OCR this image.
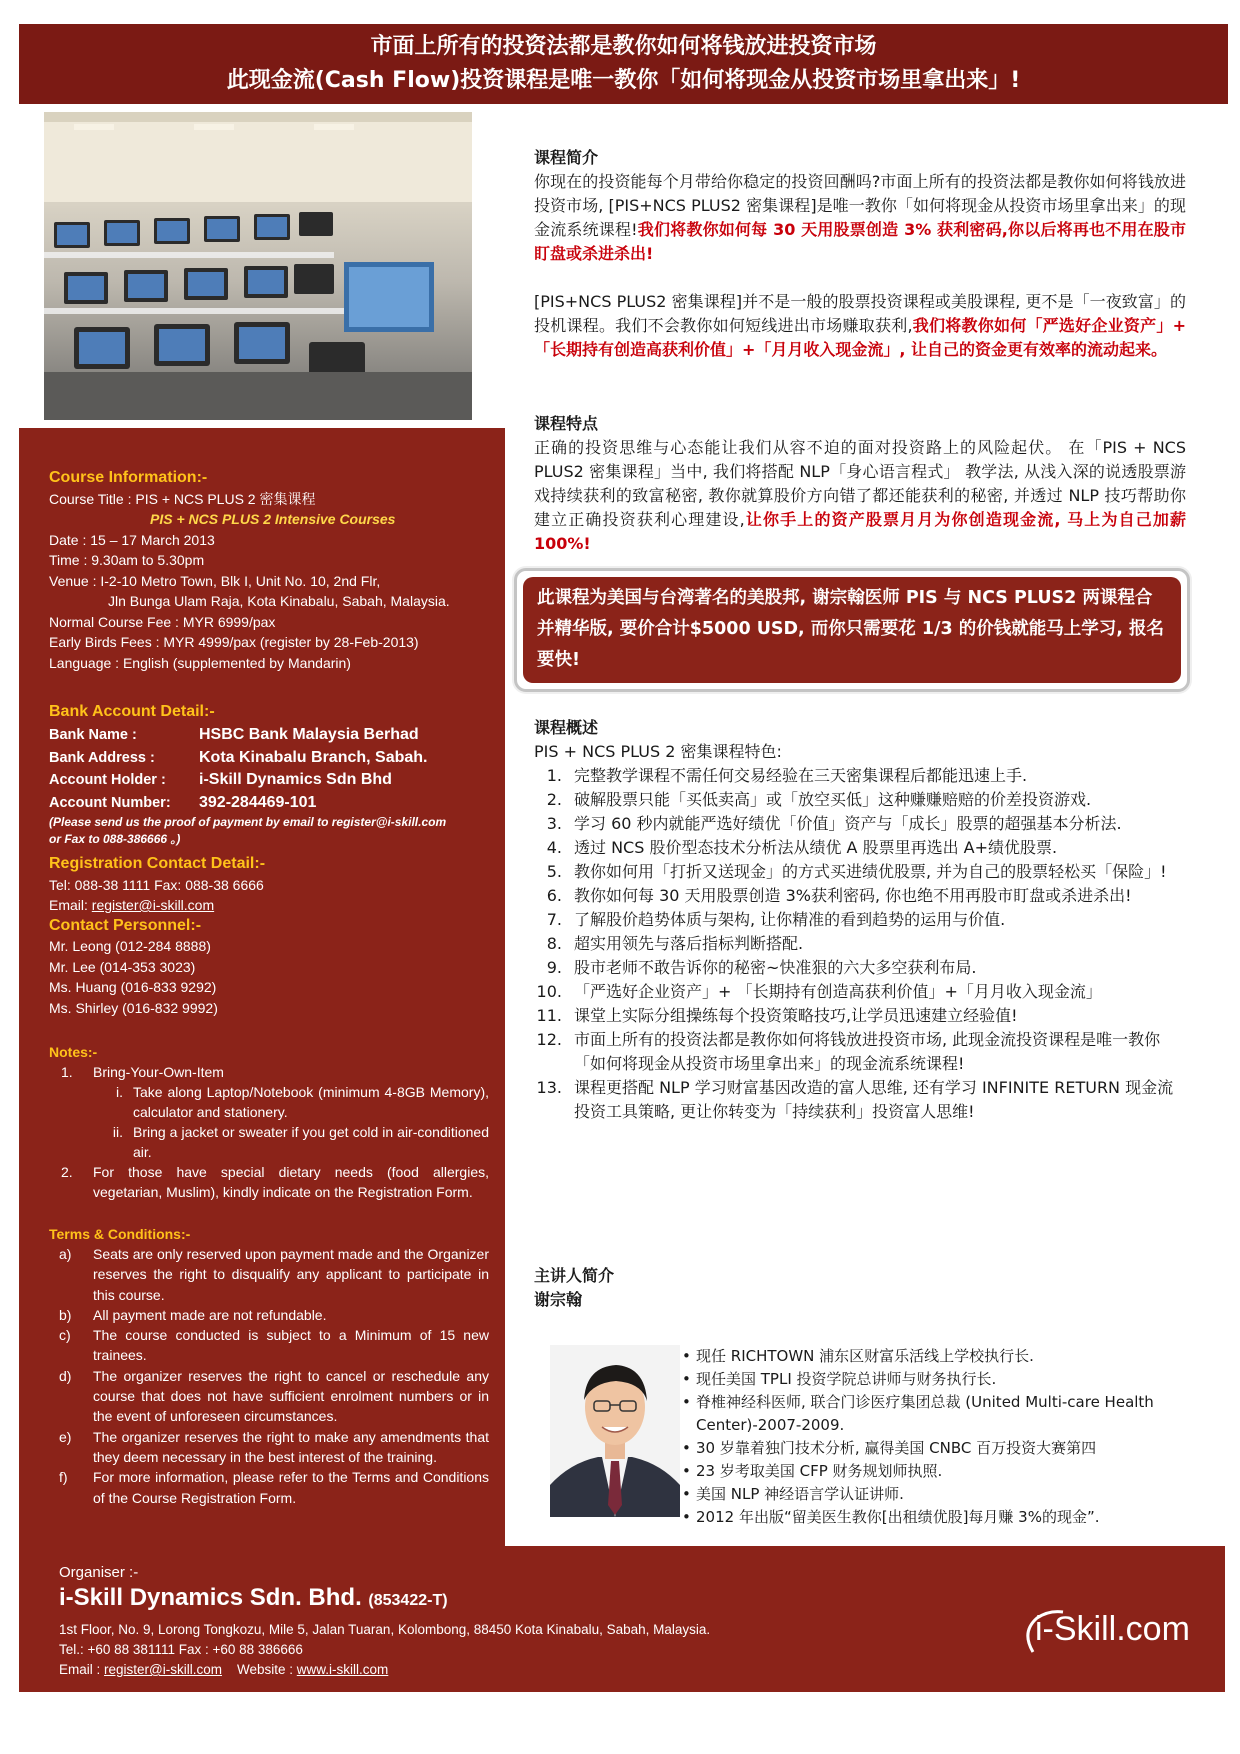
市面上所有的投资法都是教你如何将钱放进投资市场
此现金流(Cash Flow)投资课程是唯一教你「如何将现金从投资市场里拿出来」!
Course Information:-
Course Title : PIS + NCS PLUS 2 密集课程
PIS + NCS PLUS 2 Intensive Courses
Date : 15 – 17 March 2013
Time : 9.30am to 5.30pm
Venue : I-2-10 Metro Town, Blk I, Unit No. 10, 2nd Flr,
Jln Bunga Ulam Raja, Kota Kinabalu, Sabah, Malaysia.
Normal Course Fee : MYR 6999/pax
Early Birds Fees : MYR 4999/pax (register by 28-Feb-2013)
Language : English (supplemented by Mandarin)
Bank Account Detail:-
Bank Name :	HSBC Bank Malaysia Berhad
Bank Address :	Kota Kinabalu Branch, Sabah.
Account Holder :	i-Skill Dynamics Sdn Bhd
Account Number:	392-284469-101
(Please send us the proof of payment by email to register@i-skill.com
or Fax to 088-386666 。)
Registration Contact Detail:-
Tel: 088-38 1111 Fax: 088-38 6666
Email: register@i-skill.com
Contact Personnel:-
Mr. Leong (012-284 8888)
Mr. Lee (014-353 3023)
Ms. Huang (016-833 9292)
Ms. Shirley (016-832 9992)
Notes:-
1.	Bring-Your-Own-Item
i. Take along Laptop/Notebook (minimum 4-8GB Memory), calculator and stationery.
ii. Bring a jacket or sweater if you get cold in air-conditioned air.
2.	For those have special dietary needs (food allergies, vegetarian, Muslim), kindly indicate on the Registration Form.
Terms & Conditions:-
a)	Seats are only reserved upon payment made and the Organizer reserves the right to disqualify any applicant to participate in this course.
b)	All payment made are not refundable.
c)	The course conducted is subject to a Minimum of 15 new trainees.
d)	The organizer reserves the right to cancel or reschedule any course that does not have sufficient enrolment numbers or in the event of unforeseen circumstances.
e)	The organizer reserves the right to make any amendments that they deem necessary in the best interest of the training.
f)	For more information, please refer to the Terms and Conditions of the Course Registration Form.
课程简介
你现在的投资能每个月带给你稳定的投资回酬吗?市面上所有的投资法都是教你如何将钱放进投资市场, [PIS+NCS PLUS2 密集课程]是唯一教你「如何将现金从投资市场里拿出来」的现金流系统课程!我们将教你如何每 30 天用股票创造 3% 获利密码,你以后将再也不用在股市盯盘或杀进杀出!
[PIS+NCS PLUS2 密集课程]并不是一般的股票投资课程或美股课程, 更不是「一夜致富」的投机课程。我们不会教你如何短线进出市场赚取获利,我们将教你如何「严选好企业资产」+ 「长期持有创造高获利价值」+「月月收入现金流」, 让自己的资金更有效率的流动起来。
课程特点
正确的投资思维与心态能让我们从容不迫的面对投资路上的风险起伏。 在「PIS + NCS PLUS2 密集课程」当中, 我们将搭配 NLP「身心语言程式」 教学法, 从浅入深的说透股票游戏持续获利的致富秘密, 教你就算股价方向错了都还能获利的秘密, 并透过 NLP 技巧帮助你建立正确投资获利心理建设,让你手上的资产股票月月为你创造现金流, 马上为自己加薪 100%!
此课程为美国与台湾著名的美股邦, 谢宗翰医师 PIS 与 NCS PLUS2 两课程合并精华版, 要价合计$5000 USD, 而你只需要花 1/3 的价钱就能马上学习, 报名要快!
课程概述
PIS + NCS PLUS 2 密集课程特色:
1. 完整教学课程不需任何交易经验在三天密集课程后都能迅速上手.
2. 破解股票只能「买低卖高」或「放空买低」这种赚赚赔赔的价差投资游戏.
3. 学习 60 秒内就能严选好绩优「价值」资产与「成长」股票的超强基本分析法.
4. 透过 NCS 股价型态技术分析法从绩优 A 股票里再选出 A+绩优股票.
5. 教你如何用「打折又送现金」的方式买进绩优股票, 并为自己的股票轻松买「保险」!
6. 教你如何每 30 天用股票创造 3%获利密码, 你也绝不用再股市盯盘或杀进杀出!
7. 了解股价趋势体质与架构, 让你精准的看到趋势的运用与价值.
8. 超实用领先与落后指标判断搭配.
9. 股市老师不敢告诉你的秘密~快准狠的六大多空获利布局.
10. 「严选好企业资产」+ 「长期持有创造高获利价值」+「月月收入现金流」
11. 课堂上实际分组操练每个投资策略技巧,让学员迅速建立经验值!
12. 市面上所有的投资法都是教你如何将钱放进投资市场, 此现金流投资课程是唯一教你「如何将现金从投资市场里拿出来」的现金流系统课程!
13. 课程更搭配 NLP 学习财富基因改造的富人思维, 还有学习 INFINITE RETURN 现金流投资工具策略, 更让你转变为「持续获利」投资富人思维!
主讲人简介
谢宗翰
• 现任 RICHTOWN 浦东区财富乐活线上学校执行长.
• 现任美国 TPLI 投资学院总讲师与财务执行长.
• 脊椎神经科医师, 联合门诊医疗集团总裁 (United Multi-care Health Center)-2007-2009.
• 30 岁靠着独门技术分析, 赢得美国 CNBC 百万投资大赛第四
• 23 岁考取美国 CFP 财务规划师执照.
• 美国 NLP 神经语言学认证讲师.
• 2012 年出版“留美医生教你[出租绩优股]每月赚 3%的现金”.
Organiser :-
i-Skill Dynamics Sdn. Bhd. (853422-T)
1st Floor, No. 9, Lorong Tongkozu, Mile 5, Jalan Tuaran, Kolombong, 88450 Kota Kinabalu, Sabah, Malaysia.
Tel.: +60 88 381111 Fax : +60 88 386666
Email : register@i-skill.com Website : www.i-skill.com
i-Skill.com
